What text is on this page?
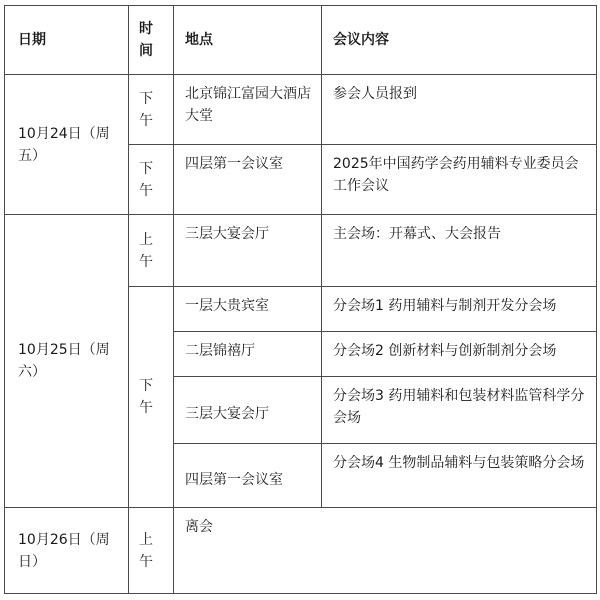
日期	时间	地点	会议内容
10月24日（周五）	下午	北京锦江富园大酒店大堂	参会人员报到
	下午	四层第一会议室	2025年中国药学会药用辅料专业委员会工作会议
10月25日（周六）	上午	三层大宴会厅	主会场：开幕式、大会报告
	下午	一层大贵宾室	分会场1 药用辅料与制剂开发分会场
		二层锦禧厅	分会场2 创新材料与创新制剂分会场
		三层大宴会厅	分会场3 药用辅料和包装材料监管科学分会场
		四层第一会议室	分会场4 生物制品辅料与包装策略分会场
10月26日（周日）	上午	离会	
